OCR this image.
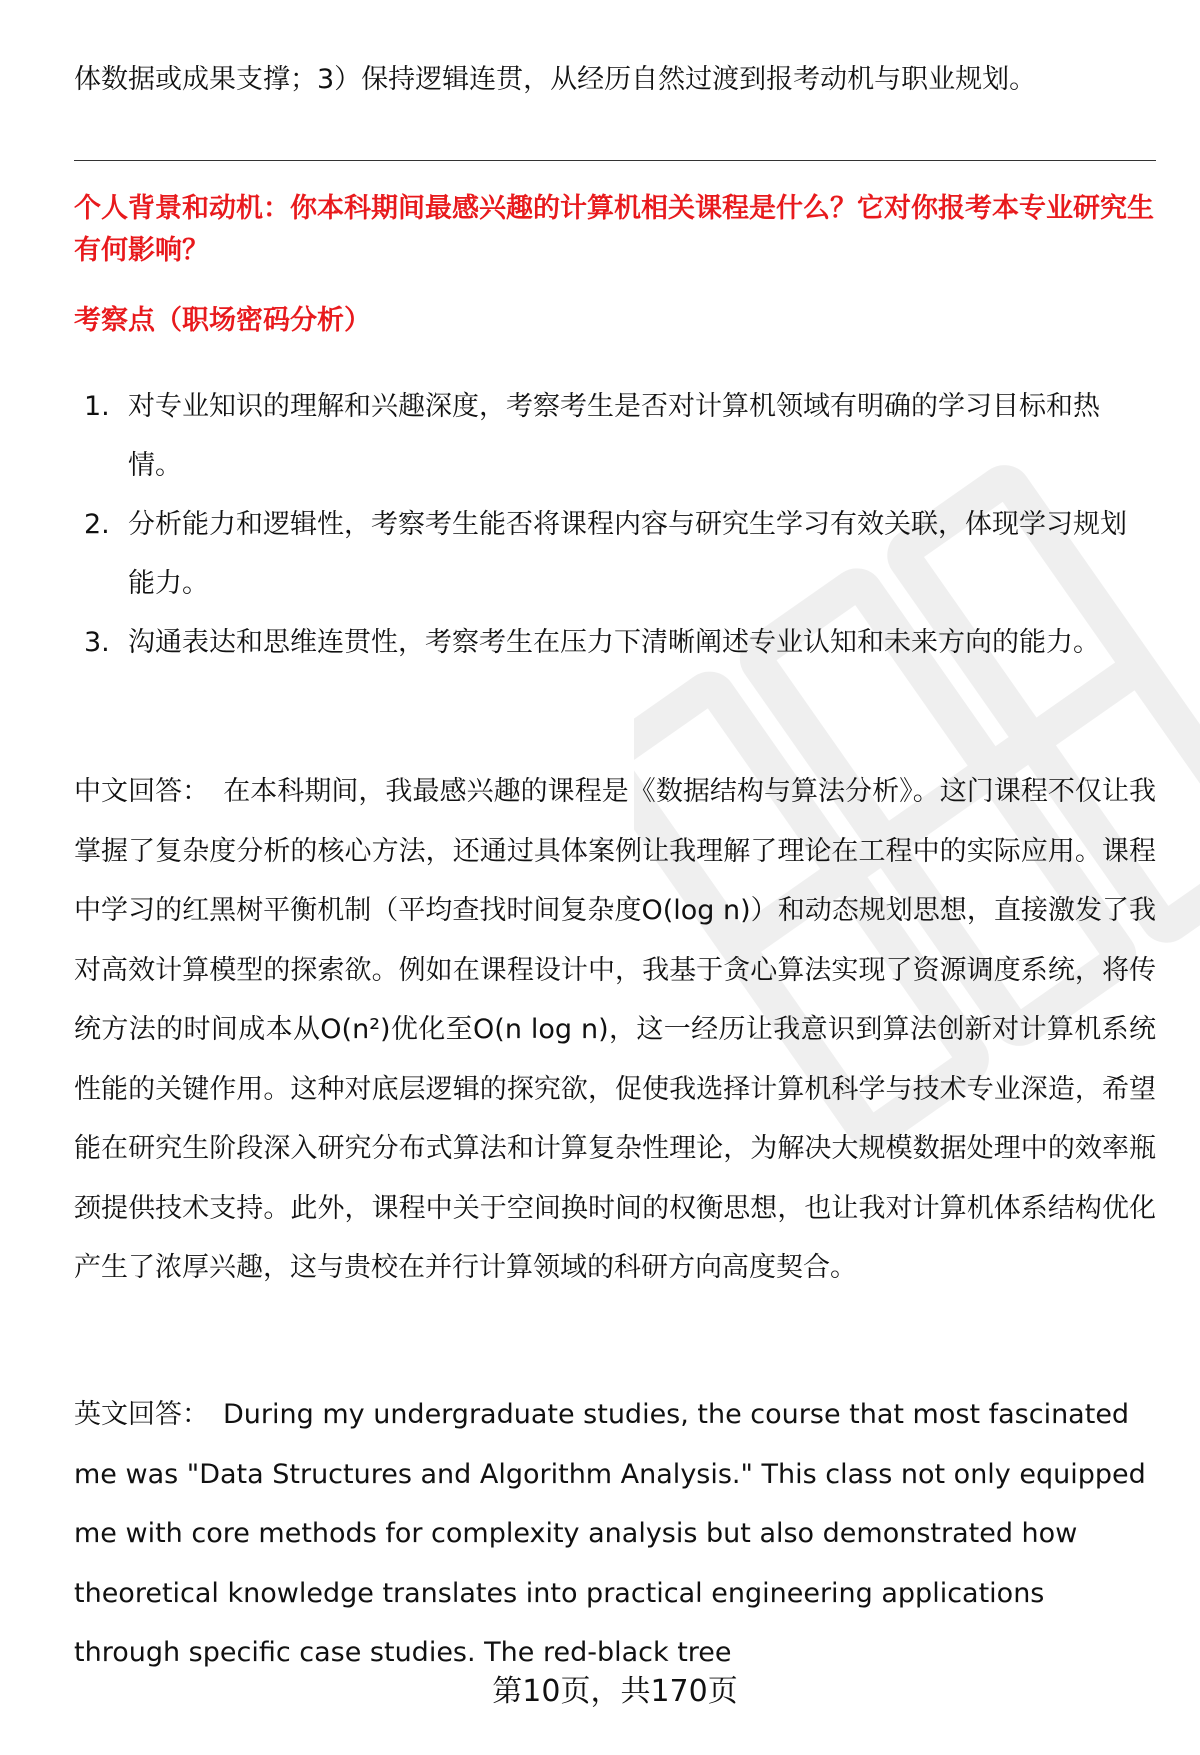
体数据或成果支撑；3）保持逻辑连贯，从经历自然过渡到报考动机与职业规划。
个人背景和动机：你本科期间最感兴趣的计算机相关课程是什么？它对你报考本专业研究生有何影响？
考察点（职场密码分析）
1. 对专业知识的理解和兴趣深度，考察考生是否对计算机领域有明确的学习目标和热情。
2. 分析能力和逻辑性，考察考生能否将课程内容与研究生学习有效关联，体现学习规划能力。
3. 沟通表达和思维连贯性，考察考生在压力下清晰阐述专业认知和未来方向的能力。
中文回答： 在本科期间，我最感兴趣的课程是《数据结构与算法分析》。这门课程不仅让我掌握了复杂度分析的核心方法，还通过具体案例让我理解了理论在工程中的实际应用。课程中学习的红黑树平衡机制（平均查找时间复杂度O(log n)）和动态规划思想，直接激发了我对高效计算模型的探索欲。例如在课程设计中，我基于贪心算法实现了资源调度系统，将传统方法的时间成本从O(n²)优化至O(n log n)，这一经历让我意识到算法创新对计算机系统性能的关键作用。这种对底层逻辑的探究欲，促使我选择计算机科学与技术专业深造，希望能在研究生阶段深入研究分布式算法和计算复杂性理论，为解决大规模数据处理中的效率瓶颈提供技术支持。此外，课程中关于空间换时间的权衡思想，也让我对计算机体系结构优化产生了浓厚兴趣，这与贵校在并行计算领域的科研方向高度契合。
英文回答： During my undergraduate studies, the course that most fascinated me was "Data Structures and Algorithm Analysis." This class not only equipped me with core methods for complexity analysis but also demonstrated how theoretical knowledge translates into practical engineering applications through specific case studies. The red-black tree
第10页，共170页
